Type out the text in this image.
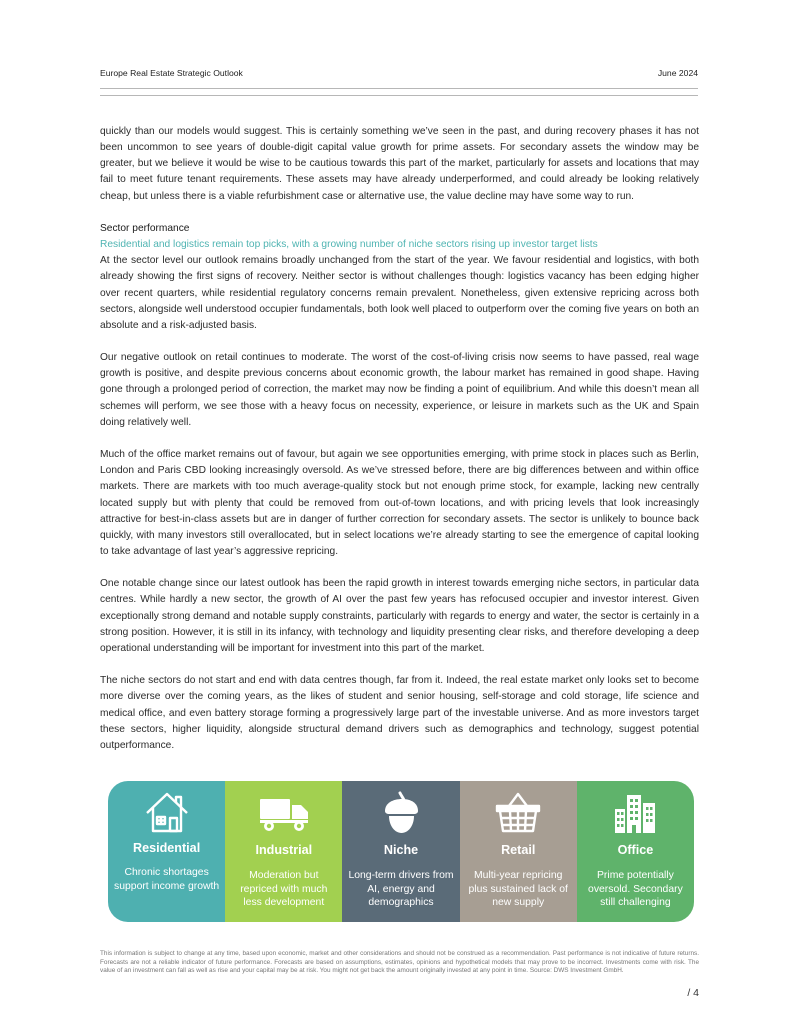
Europe Real Estate Strategic Outlook	June 2024

quickly than our models would suggest. This is certainly something we’ve seen in the past, and during recovery phases it has not been uncommon to see years of double-digit capital value growth for prime assets. For secondary assets the window may be greater, but we believe it would be wise to be cautious towards this part of the market, particularly for assets and locations that may fail to meet future tenant requirements. These assets may have already underperformed, and could already be looking relatively cheap, but unless there is a viable refurbishment case or alternative use, the value decline may have some way to run.

Sector performance
Residential and logistics remain top picks, with a growing number of niche sectors rising up investor target lists

At the sector level our outlook remains broadly unchanged from the start of the year. We favour residential and logistics, with both already showing the first signs of recovery. Neither sector is without challenges though: logistics vacancy has been edging higher over recent quarters, while residential regulatory concerns remain prevalent. Nonetheless, given extensive repricing across both sectors, alongside well understood occupier fundamentals, both look well placed to outperform over the coming five years on both an absolute and a risk-adjusted basis.

Our negative outlook on retail continues to moderate. The worst of the cost-of-living crisis now seems to have passed, real wage growth is positive, and despite previous concerns about economic growth, the labour market has remained in good shape. Having gone through a prolonged period of correction, the market may now be finding a point of equilibrium. And while this doesn’t mean all schemes will perform, we see those with a heavy focus on necessity, experience, or leisure in markets such as the UK and Spain doing relatively well.

Much of the office market remains out of favour, but again we see opportunities emerging, with prime stock in places such as Berlin, London and Paris CBD looking increasingly oversold. As we’ve stressed before, there are big differences between and within office markets. There are markets with too much average-quality stock but not enough prime stock, for example, lacking new centrally located supply but with plenty that could be removed from out-of-town locations, and with pricing levels that look increasingly attractive for best-in-class assets but are in danger of further correction for secondary assets. The sector is unlikely to bounce back quickly, with many investors still overallocated, but in select locations we’re already starting to see the emergence of capital looking to take advantage of last year’s aggressive repricing.

One notable change since our latest outlook has been the rapid growth in interest towards emerging niche sectors, in particular data centres. While hardly a new sector, the growth of AI over the past few years has refocused occupier and investor interest. Given exceptionally strong demand and notable supply constraints, particularly with regards to energy and water, the sector is certainly in a strong position. However, it is still in its infancy, with technology and liquidity presenting clear risks, and therefore developing a deep operational understanding will be important for investment into this part of the market.

The niche sectors do not start and end with data centres though, far from it. Indeed, the real estate market only looks set to become more diverse over the coming years, as the likes of student and senior housing, self-storage and cold storage, life science and medical office, and even battery storage forming a progressively large part of the investable universe. And as more investors target these sectors, higher liquidity, alongside structural demand drivers such as demographics and technology, suggest potential outperformance.

Residential
Chronic shortages support income growth
Industrial
Moderation but repriced with much less development
Niche
Long-term drivers from AI, energy and demographics
Retail
Multi-year repricing plus sustained lack of new supply
Office
Prime potentially oversold. Secondary still challenging
This information is subject to change at any time, based upon economic, market and other considerations and should not be construed as a recommendation. Past performance is not indicative of future returns. Forecasts are not a reliable indicator of future performance. Forecasts are based on assumptions, estimates, opinions and hypothetical models that may prove to be incorrect. Investments come with risk. The value of an investment can fall as well as rise and your capital may be at risk. You might not get back the amount originally invested at any point in time. Source: DWS Investment GmbH.
/ 4
